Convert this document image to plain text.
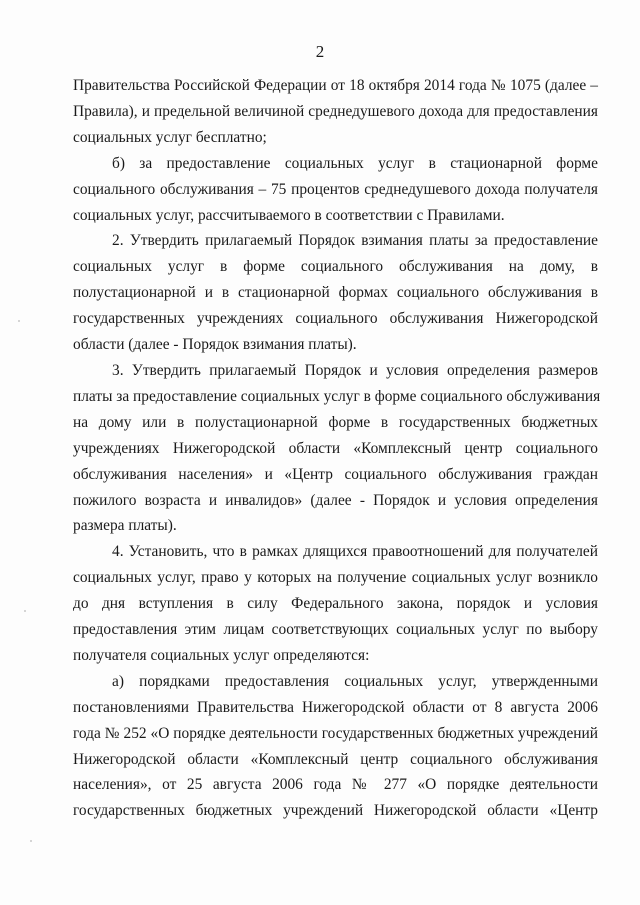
2

Правительства Российской Федерации от 18 октября 2014 года № 1075 (далее –
Правила), и предельной величиной среднедушевого дохода для предоставления
социальных услуг бесплатно;

б) за предоставление социальных услуг в стационарной форме
социального обслуживания – 75 процентов среднедушевого дохода получателя
социальных услуг, рассчитываемого в соответствии с Правилами.

2. Утвердить прилагаемый Порядок взимания платы за предоставление
социальных услуг в форме социального обслуживания на дому, в
полустационарной и в стационарной формах социального обслуживания в
государственных учреждениях социального обслуживания Нижегородской
области (далее - Порядок взимания платы).

3. Утвердить прилагаемый Порядок и условия определения размеров
платы за предоставление социальных услуг в форме социального обслуживания
на дому или в полустационарной форме в государственных бюджетных
учреждениях Нижегородской области «Комплексный центр социального
обслуживания населения» и «Центр социального обслуживания граждан
пожилого возраста и инвалидов» (далее - Порядок и условия определения
размера платы).

4. Установить, что в рамках длящихся правоотношений для получателей
социальных услуг, право у которых на получение социальных услуг возникло
до дня вступления в силу Федерального закона, порядок и условия
предоставления этим лицам соответствующих социальных услуг по выбору
получателя социальных услуг определяются:

а) порядками предоставления социальных услуг, утвержденными
постановлениями Правительства Нижегородской области от 8 августа 2006
года № 252 «О порядке деятельности государственных бюджетных учреждений
Нижегородской области «Комплексный центр социального обслуживания
населения», от 25 августа 2006 года № 277 «О порядке деятельности
государственных бюджетных учреждений Нижегородской области «Центр
